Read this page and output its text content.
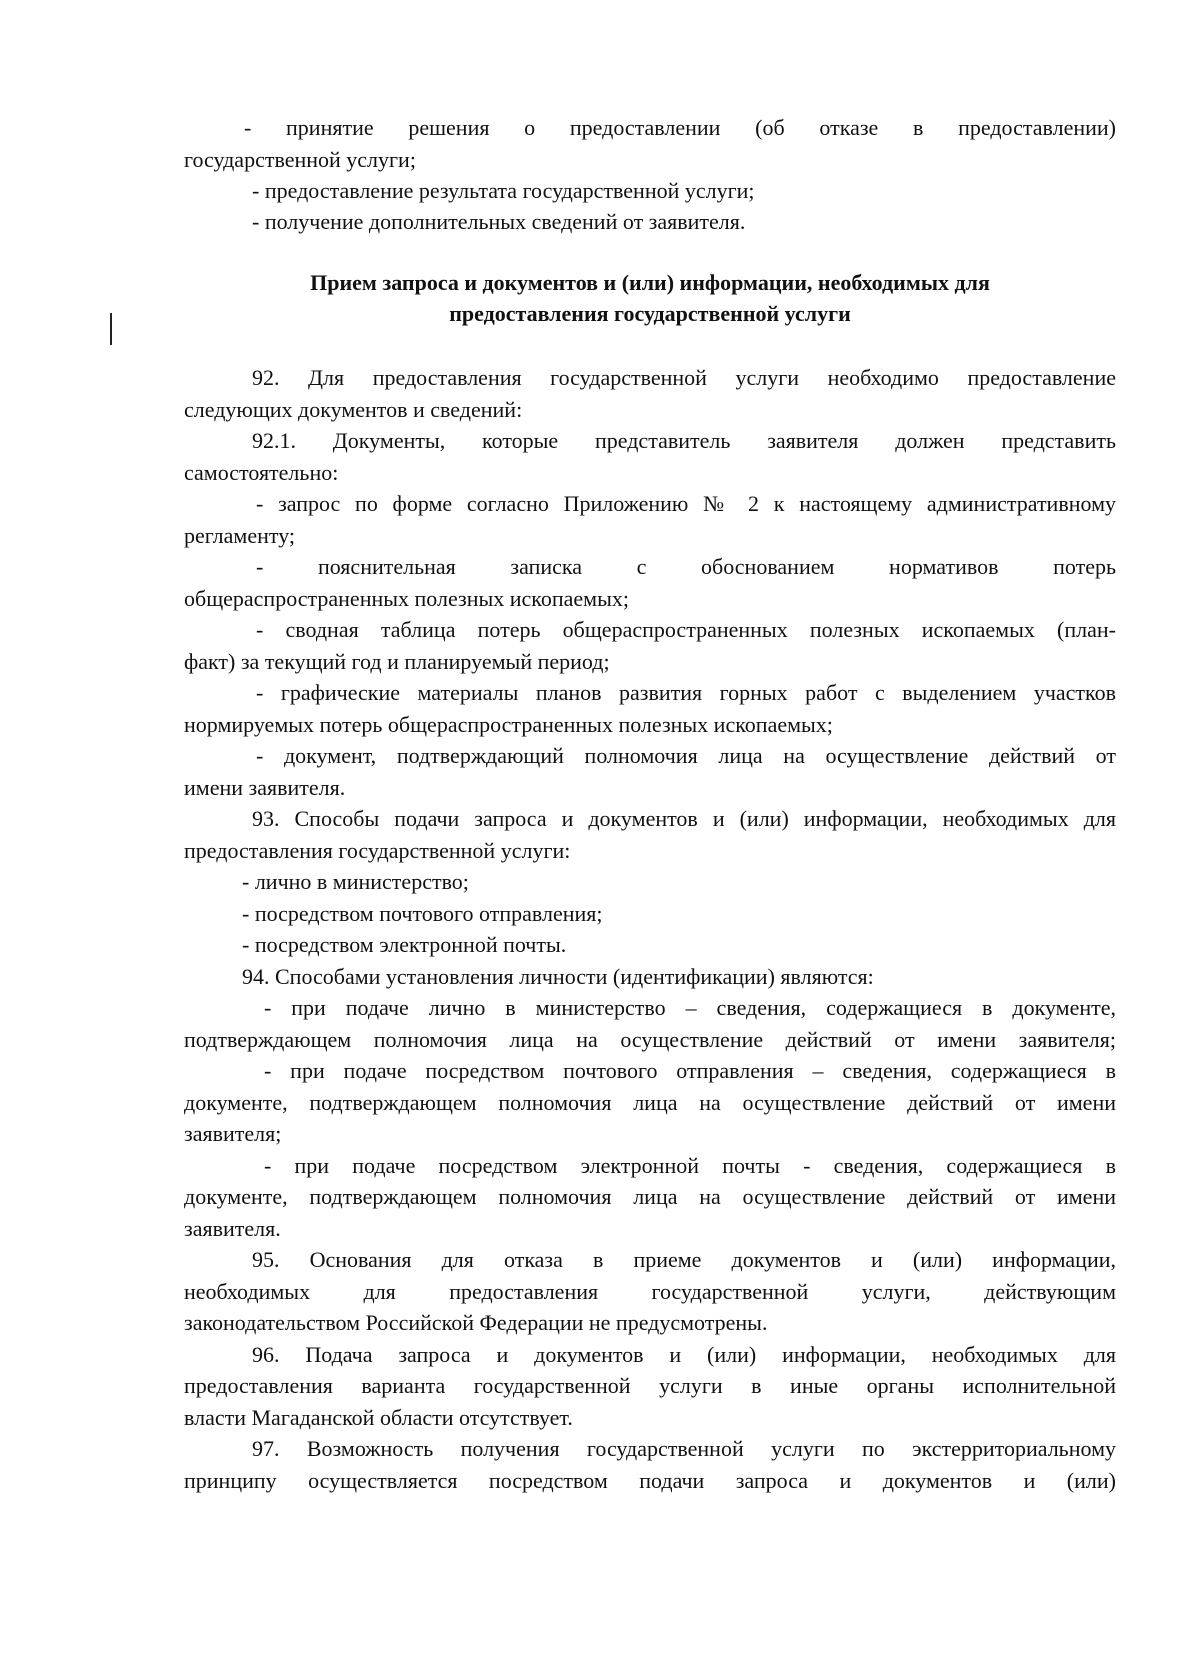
- принятие решения о предоставлении (об отказе в предоставлении)
государственной услуги;
- предоставление результата государственной услуги;
- получение дополнительных сведений от заявителя.
Прием запроса и документов и (или) информации, необходимых для
предоставления государственной услуги
92. Для предоставления государственной услуги необходимо предоставление
следующих документов и сведений:
92.1. Документы, которые представитель заявителя должен представить
самостоятельно:
- запрос по форме согласно Приложению № 2 к настоящему административному
регламенту;
- пояснительная записка с обоснованием нормативов потерь
общераспространенных полезных ископаемых;
- сводная таблица потерь общераспространенных полезных ископаемых (план-
факт) за текущий год и планируемый период;
- графические материалы планов развития горных работ с выделением участков
нормируемых потерь общераспространенных полезных ископаемых;
- документ, подтверждающий полномочия лица на осуществление действий от
имени заявителя.
93. Способы подачи запроса и документов и (или) информации, необходимых для
предоставления государственной услуги:
- лично в министерство;
- посредством почтового отправления;
- посредством электронной почты.
94. Способами установления личности (идентификации) являются:
- при подаче лично в министерство – сведения, содержащиеся в документе,
подтверждающем полномочия лица на осуществление действий от имени заявителя;
- при подаче посредством почтового отправления – сведения, содержащиеся в
документе, подтверждающем полномочия лица на осуществление действий от имени
заявителя;
- при подаче посредством электронной почты - сведения, содержащиеся в
документе, подтверждающем полномочия лица на осуществление действий от имени
заявителя.
95. Основания для отказа в приеме документов и (или) информации,
необходимых для предоставления государственной услуги, действующим
законодательством Российской Федерации не предусмотрены.
96. Подача запроса и документов и (или) информации, необходимых для
предоставления варианта государственной услуги в иные органы исполнительной
власти Магаданской области отсутствует.
97. Возможность получения государственной услуги по экстерриториальному
принципу осуществляется посредством подачи запроса и документов и (или)
